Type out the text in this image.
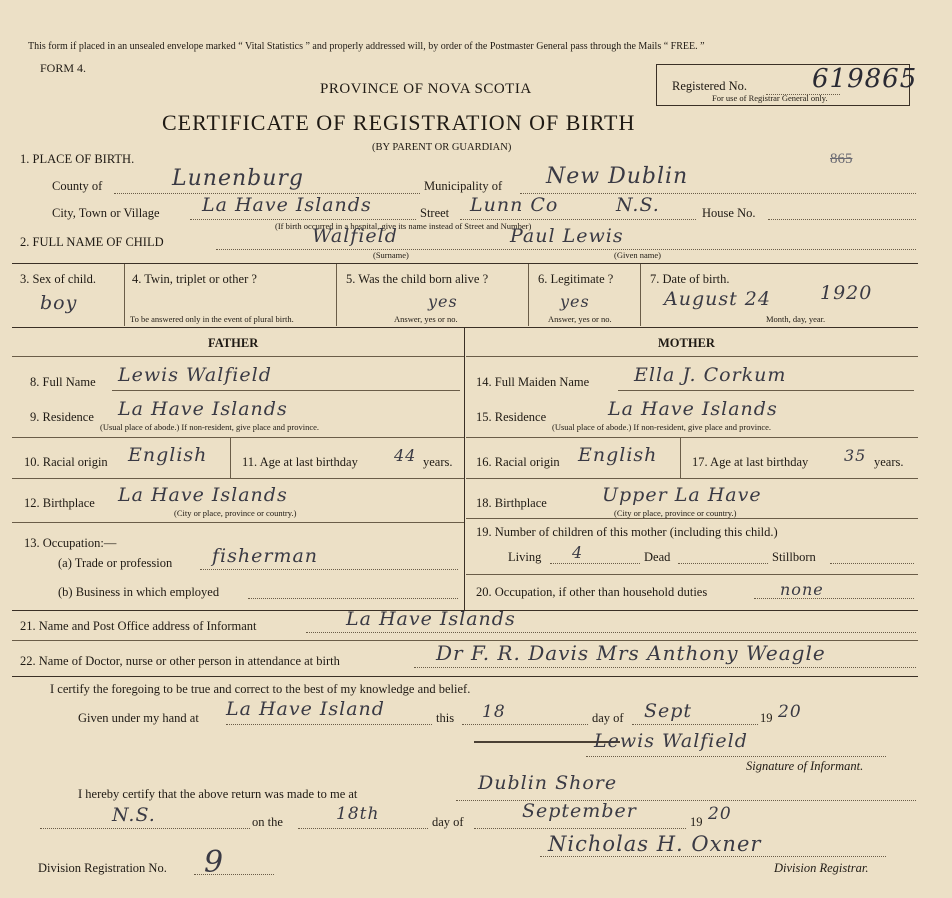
This form if placed in an unsealed envelope marked “ Vital Statistics ” and properly addressed will, by order of the Postmaster General pass through the Mails “ FREE. ”
FORM 4.
PROVINCE OF NOVA SCOTIA
CERTIFICATE OF REGISTRATION OF BIRTH
(BY PARENT OR GUARDIAN)
Registered No.	619865
For use of Registrar General only.
865
1. PLACE OF BIRTH.
County of	Lunenburg	Municipality of New Dublin
City, Town or Village La Have Islands	Street Lunn Co	N.S.	House No.
(If birth occurred in a hospital, give its name instead of Street and Number)
2. FULL NAME OF CHILD	Walfield	Paul Lewis
(Surname)	(Given name)
3. Sex of child.
boy
4. Twin, triplet or other ?
To be answered only in the event of plural birth.
5. Was the child born alive ?
yes
Answer, yes or no.
6. Legitimate ?
yes
Answer, yes or no.
7. Date of birth.
August 24	1920
Month, day, year.
FATHER	MOTHER
8. Full Name Lewis Walfield
9. Residence La Have Islands
(Usual place of abode.) If non-resident, give place and province.
10. Racial origin English	11. Age at last birthday 44 years.
12. Birthplace La Have Islands
(City or place, province or country.)
13. Occupation:—
(a) Trade or profession fisherman
(b) Business in which employed
14. Full Maiden Name Ella J. Corkum
15. Residence	La Have Islands
(Usual place of abode.) If non-resident, give place and province.
16. Racial origin English	17. Age at last birthday 35 years.
18. Birthplace	Upper La Have
(City or place, province or country.)
19. Number of children of this mother (including this child.)
Living 4	Dead	Stillborn
20. Occupation, if other than household duties	none
21. Name and Post Office address of Informant	La Have Islands
22. Name of Doctor, nurse or other person in attendance at birth	Dr F. R. Davis Mrs Anthony Weagle
I certify the foregoing to be true and correct to the best of my knowledge and belief.
Given under my hand at La Have Island	this 18	day of Sept	19 20
Lewis Walfield
Signature of Informant.
I hereby certify that the above return was made to me at	Dublin Shore
N.S.	on the	18th	day of	September	19 20
Nicholas H. Oxner
Division Registrar.
Division Registration No. 9
